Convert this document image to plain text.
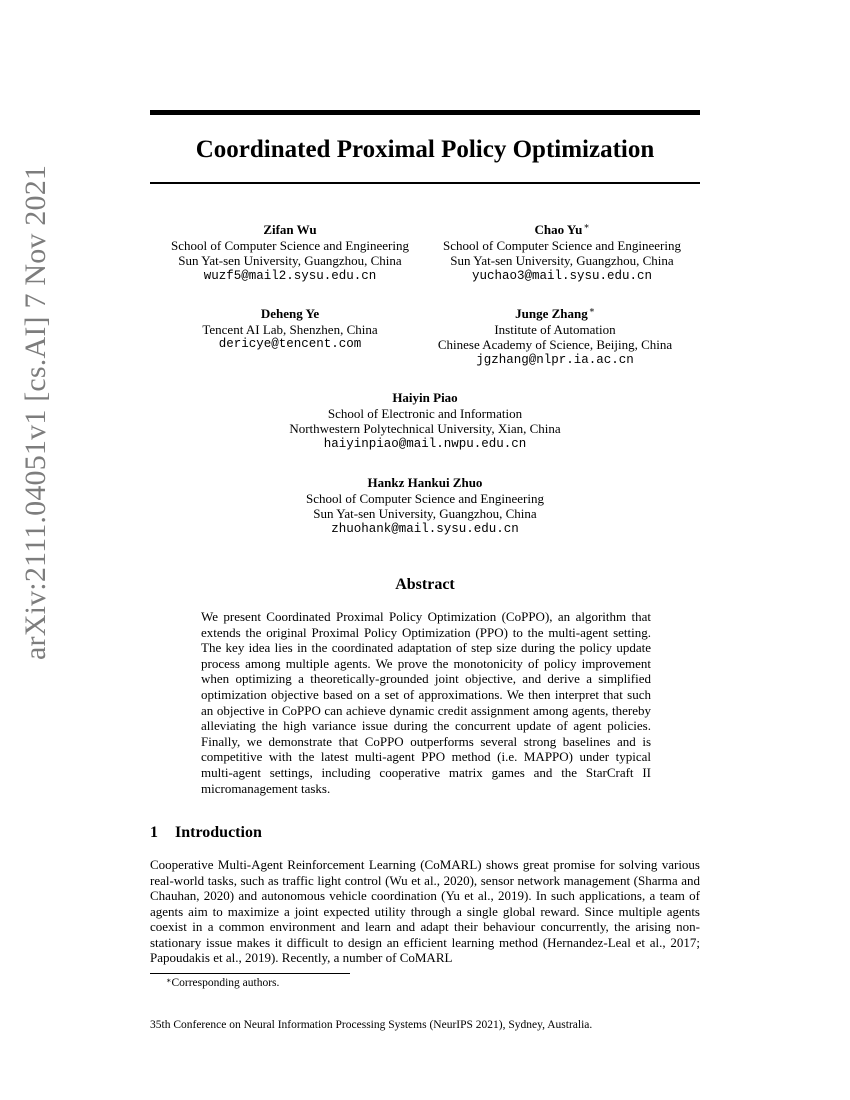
arXiv:2111.04051v1 [cs.AI] 7 Nov 2021
Coordinated Proximal Policy Optimization
Zifan Wu
School of Computer Science and Engineering
Sun Yat-sen University, Guangzhou, China
wuzf5@mail2.sysu.edu.cn
Chao Yu∗
School of Computer Science and Engineering
Sun Yat-sen University, Guangzhou, China
yuchao3@mail.sysu.edu.cn
Deheng Ye
Tencent AI Lab, Shenzhen, China
dericye@tencent.com
Junge Zhang∗
Institute of Automation
Chinese Academy of Science, Beijing, China
jgzhang@nlpr.ia.ac.cn
Haiyin Piao
School of Electronic and Information
Northwestern Polytechnical University, Xian, China
haiyinpiao@mail.nwpu.edu.cn
Hankz Hankui Zhuo
School of Computer Science and Engineering
Sun Yat-sen University, Guangzhou, China
zhuohank@mail.sysu.edu.cn
Abstract
We present Coordinated Proximal Policy Optimization (CoPPO), an algorithm that extends the original Proximal Policy Optimization (PPO) to the multi-agent setting. The key idea lies in the coordinated adaptation of step size during the policy update process among multiple agents. We prove the monotonicity of policy improvement when optimizing a theoretically-grounded joint objective, and derive a simplified optimization objective based on a set of approximations. We then interpret that such an objective in CoPPO can achieve dynamic credit assignment among agents, thereby alleviating the high variance issue during the concurrent update of agent policies. Finally, we demonstrate that CoPPO outperforms several strong baselines and is competitive with the latest multi-agent PPO method (i.e. MAPPO) under typical multi-agent settings, including cooperative matrix games and the StarCraft II micromanagement tasks.
1 Introduction
Cooperative Multi-Agent Reinforcement Learning (CoMARL) shows great promise for solving various real-world tasks, such as traffic light control (Wu et al., 2020), sensor network management (Sharma and Chauhan, 2020) and autonomous vehicle coordination (Yu et al., 2019). In such applications, a team of agents aim to maximize a joint expected utility through a single global reward. Since multiple agents coexist in a common environment and learn and adapt their behaviour concurrently, the arising non-stationary issue makes it difficult to design an efficient learning method (Hernandez-Leal et al., 2017; Papoudakis et al., 2019). Recently, a number of CoMARL
∗Corresponding authors.
35th Conference on Neural Information Processing Systems (NeurIPS 2021), Sydney, Australia.
